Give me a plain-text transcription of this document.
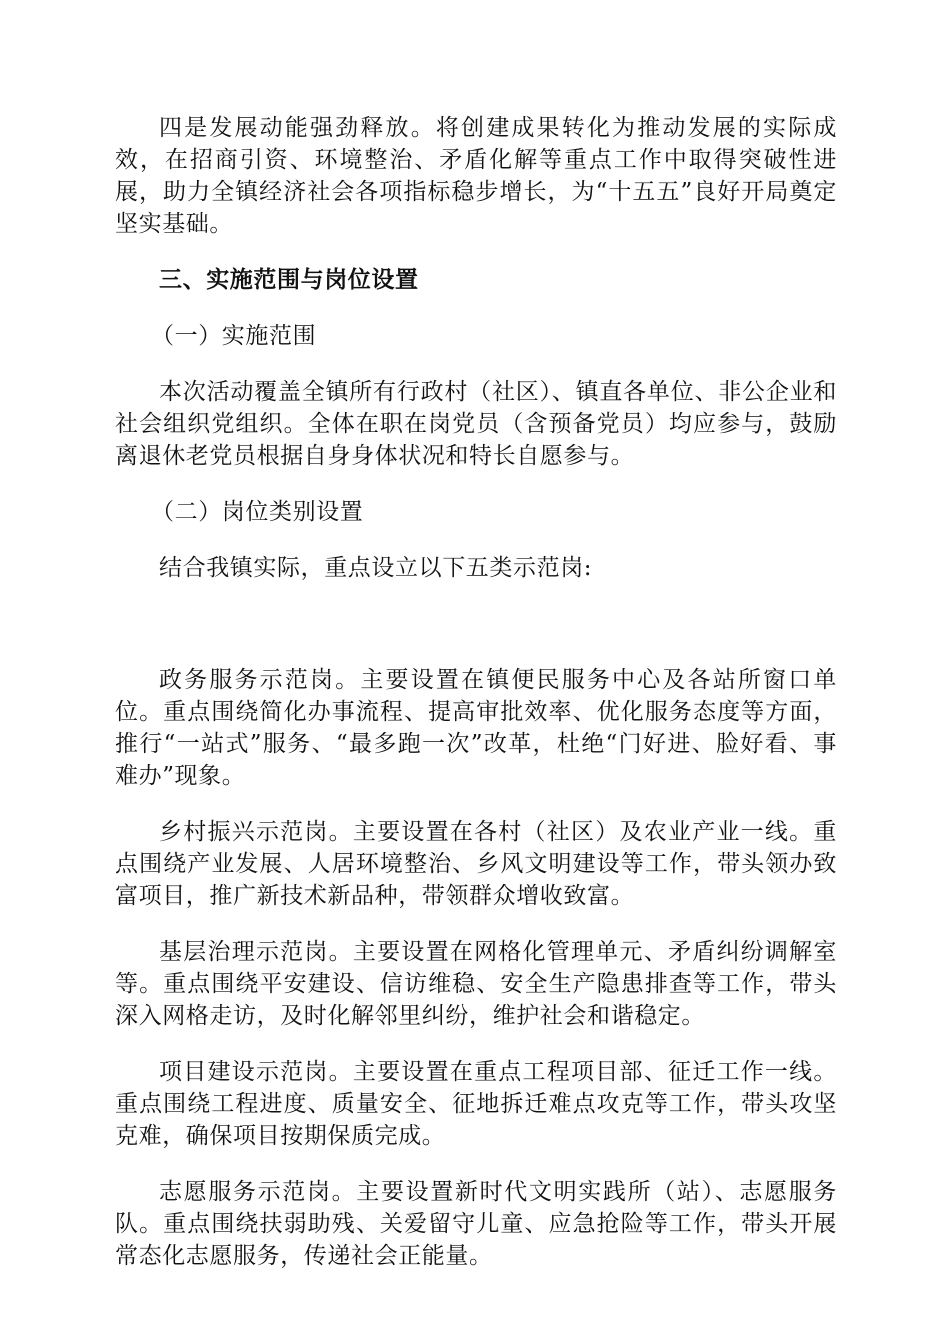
四是发展动能强劲释放。将创建成果转化为推动发展的实际成效，在招商引资、环境整治、矛盾化解等重点工作中取得突破性进展，助力全镇经济社会各项指标稳步增长，为“十五五”良好开局奠定坚实基础。

三、实施范围与岗位设置

（一）实施范围

本次活动覆盖全镇所有行政村（社区）、镇直各单位、非公企业和社会组织党组织。全体在职在岗党员（含预备党员）均应参与，鼓励离退休老党员根据自身身体状况和特长自愿参与。

（二）岗位类别设置

结合我镇实际，重点设立以下五类示范岗:

政务服务示范岗。主要设置在镇便民服务中心及各站所窗口单位。重点围绕简化办事流程、提高审批效率、优化服务态度等方面，推行“一站式”服务、“最多跑一次”改革，杜绝“门好进、脸好看、事难办”现象。

乡村振兴示范岗。主要设置在各村（社区）及农业产业一线。重点围绕产业发展、人居环境整治、乡风文明建设等工作，带头领办致富项目，推广新技术新品种，带领群众增收致富。

基层治理示范岗。主要设置在网格化管理单元、矛盾纠纷调解室等。重点围绕平安建设、信访维稳、安全生产隐患排查等工作，带头深入网格走访，及时化解邻里纠纷，维护社会和谐稳定。

项目建设示范岗。主要设置在重点工程项目部、征迁工作一线。重点围绕工程进度、质量安全、征地拆迁难点攻克等工作，带头攻坚克难，确保项目按期保质完成。

志愿服务示范岗。主要设置新时代文明实践所（站）、志愿服务队。重点围绕扶弱助残、关爱留守儿童、应急抢险等工作，带头开展常态化志愿服务，传递社会正能量。
